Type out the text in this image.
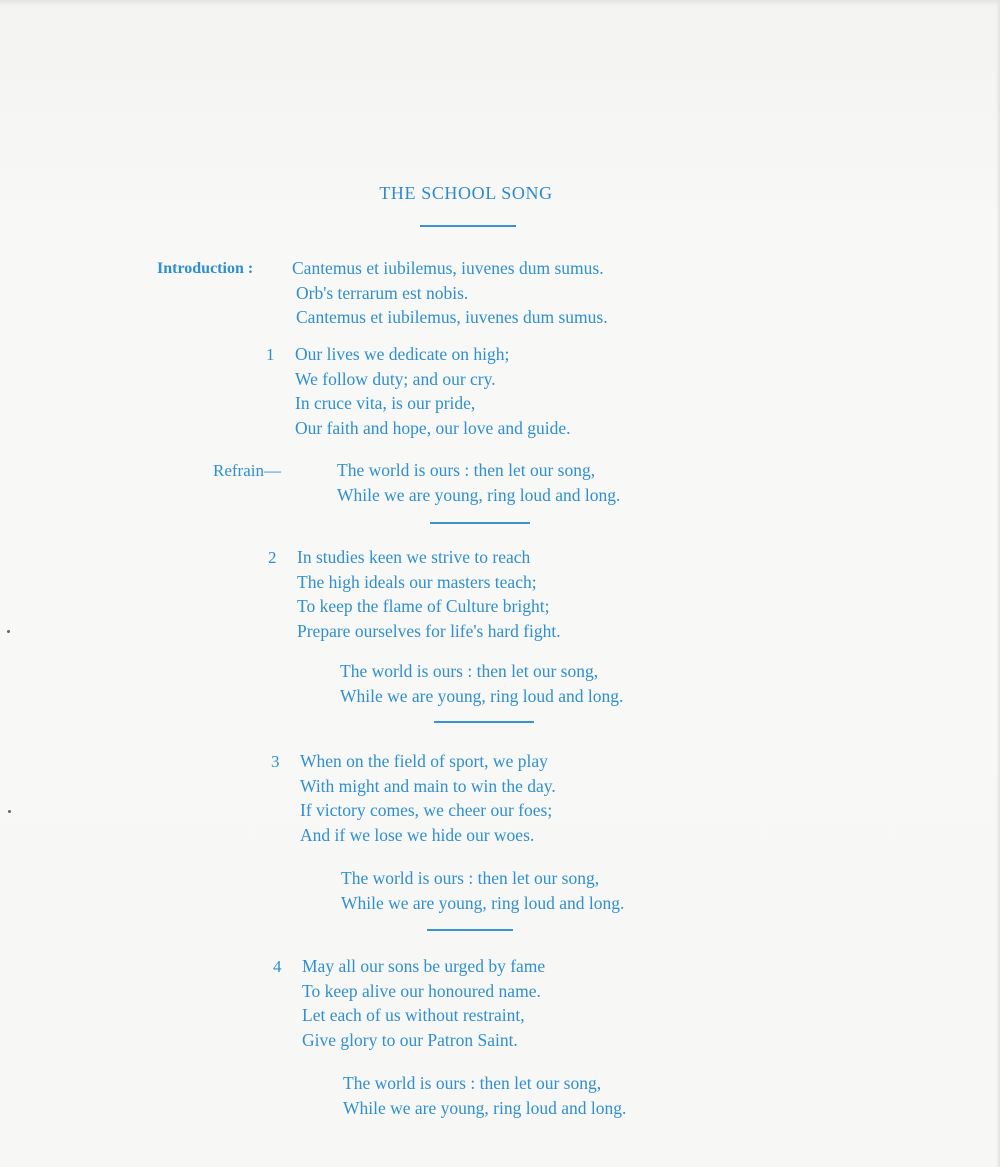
THE SCHOOL SONG
Introduction : Cantemus et iubilemus, iuvenes dum sumus.
Orb's terrarum est nobis.
Cantemus et iubilemus, iuvenes dum sumus.
1 Our lives we dedicate on high;
We follow duty; and our cry.
In cruce vita, is our pride,
Our faith and hope, our love and guide.
Refrain—	The world is ours : then let our song,
While we are young, ring loud and long.
2 In studies keen we strive to reach
The high ideals our masters teach;
To keep the flame of Culture bright;
Prepare ourselves for life's hard fight.
The world is ours : then let our song,
While we are young, ring loud and long.
3 When on the field of sport, we play
With might and main to win the day.
If victory comes, we cheer our foes;
And if we lose we hide our woes.
The world is ours : then let our song,
While we are young, ring loud and long.
4 May all our sons be urged by fame
To keep alive our honoured name.
Let each of us without restraint,
Give glory to our Patron Saint.
The world is ours : then let our song,
While we are young, ring loud and long.
